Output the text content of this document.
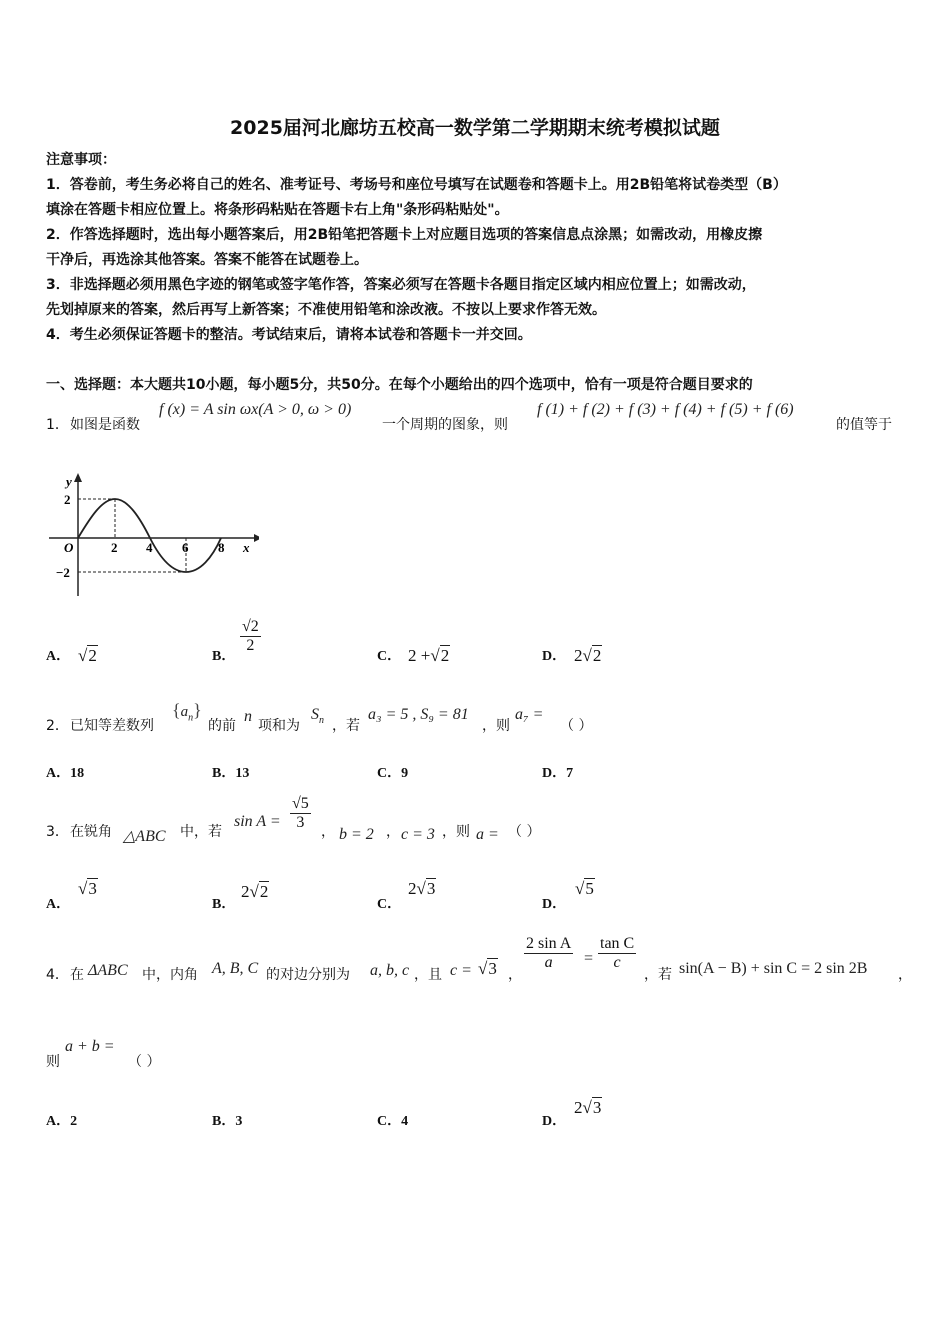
2025届河北廊坊五校高一数学第二学期期末统考模拟试题
注意事项：
1．答卷前，考生务必将自己的姓名、准考证号、考场号和座位号填写在试题卷和答题卡上。用2B铅笔将试卷类型（B）
填涂在答题卡相应位置上。将条形码粘贴在答题卡右上角"条形码粘贴处"。
2．作答选择题时，选出每小题答案后，用2B铅笔把答题卡上对应题目选项的答案信息点涂黑；如需改动，用橡皮擦
干净后，再选涂其他答案。答案不能答在试题卷上。
3．非选择题必须用黑色字迹的钢笔或签字笔作答，答案必须写在答题卡各题目指定区域内相应位置上；如需改动，
先划掉原来的答案，然后再写上新答案；不准使用铅笔和涂改液。不按以上要求作答无效。
4．考生必须保证答题卡的整洁。考试结束后，请将本试卷和答题卡一并交回。
一、选择题：本大题共10小题，每小题5分，共50分。在每个小题给出的四个选项中，恰有一项是符合题目要求的
1． 如图是函数
f (x) = A sin ωx(A > 0, ω > 0)
一个周期的图象，则
f (1) + f (2) + f (3) + f (4) + f (5) + f (6)
的值等于
y
x
O
2
−2
2 4 6 8
A． √2	B．
$\frac{√2}{2}$
C． 2 +√2	D． 2√2
2． 已知等差数列
$\{a_n\}$
的前
n
项和为
$S_n$ ，若
a₃ = 5 , S₉ = 81
，则
a₇ =
（ ）
A．18	B．13	C．9	D．7
3． 在锐角 △ABC 中，若
$\sin A = \frac{√5}{3}$ ， b = 2 ， c = 3 ，则 a = （ ）
A．
√3
B．
2√2
C．
2√3
D．
√5
4． 在 ΔABC 中，内角 A, B, C 的对边分别为 a, b, c ，且 c = √3 ，
$\frac{\text{2 sin A}}{a} = \frac{\text{tan C}}{c}$
，若 sin(A − B) + sin C = 2 sin 2B ，
则
a + b =
（ ）
A．2	B．3	C．4	D．
2√3
